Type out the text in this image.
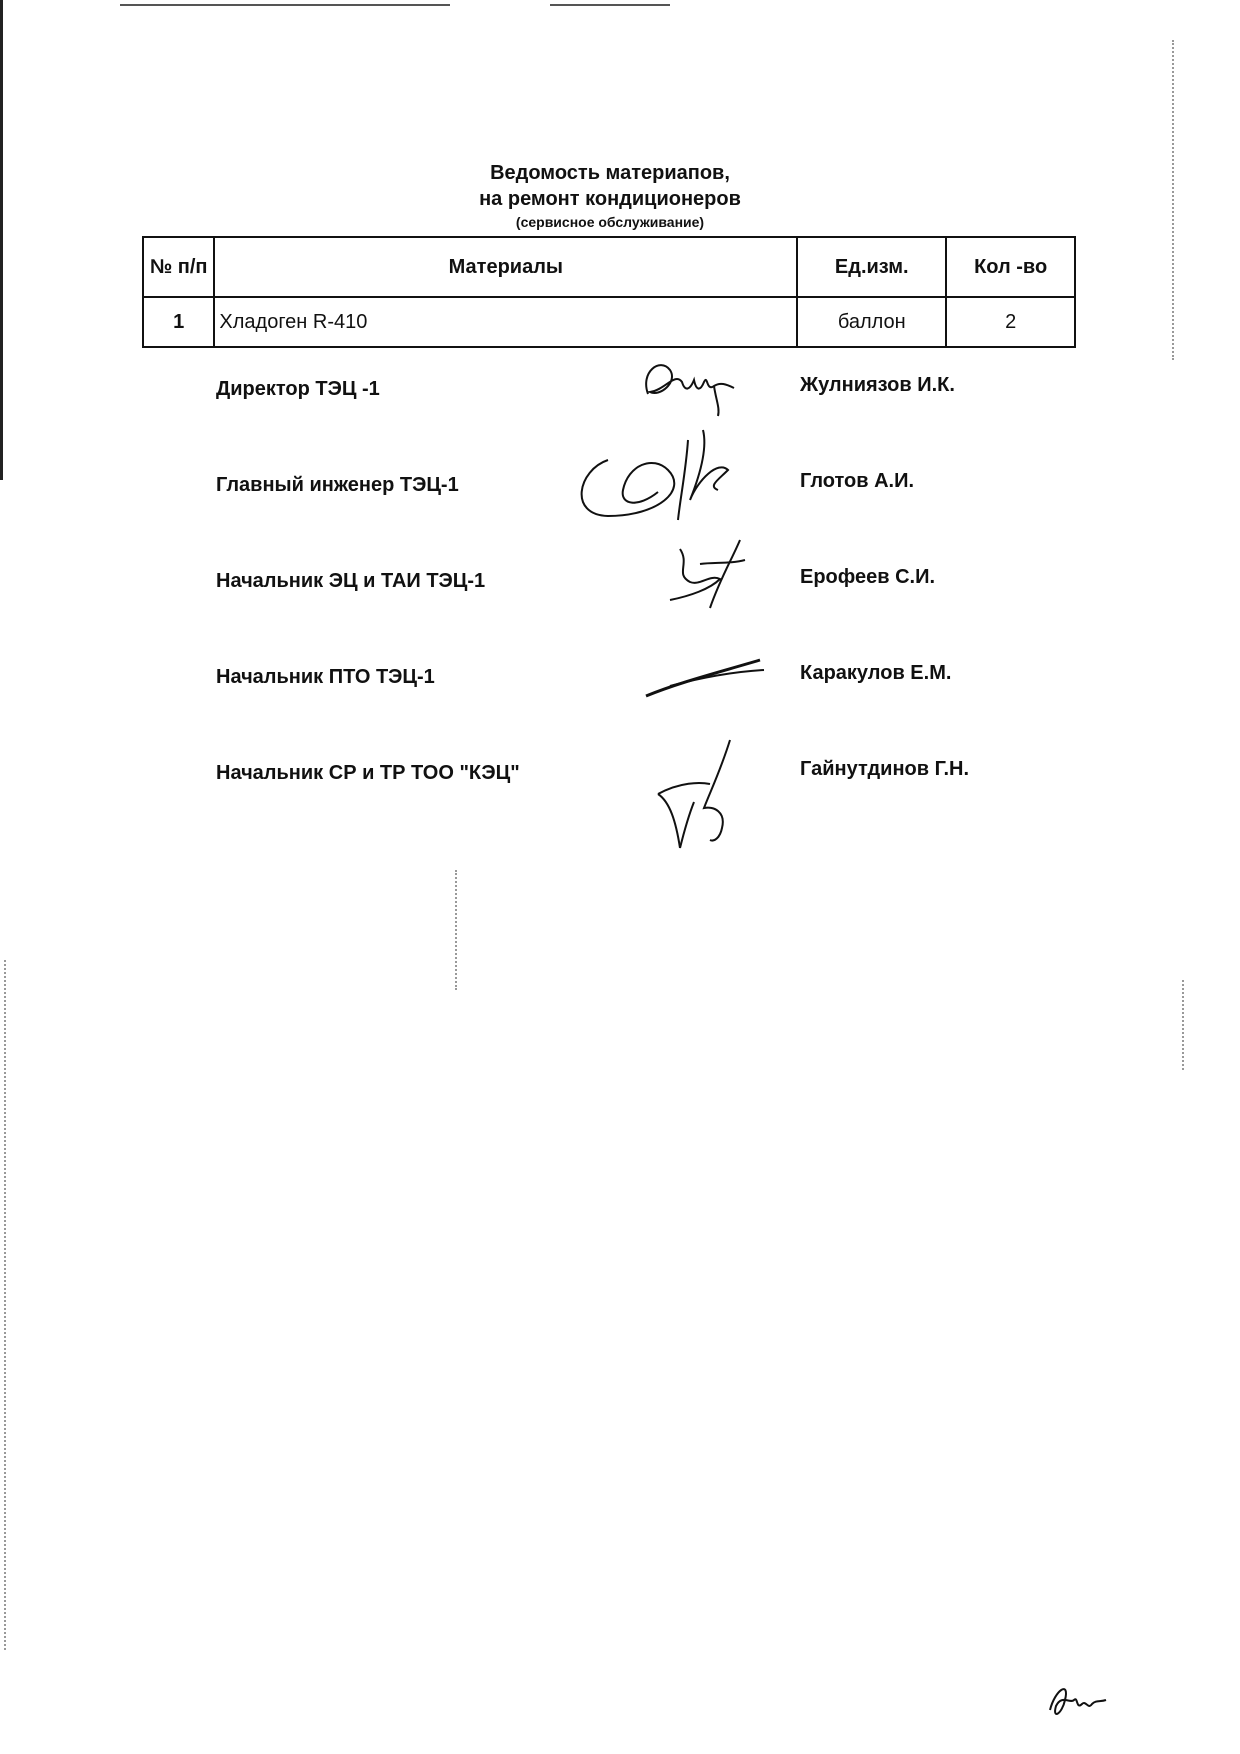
Ведомость материапов,
на ремонт кондиционеров
(сервисное обслуживание)
№ п/п	Материалы	Ед.изм.	Кол -во
1	Хладоген R-410	баллон	2
Директор ТЭЦ -1	Жулниязов И.К.
Главный инженер ТЭЦ-1	Глотов А.И.
Начальник ЭЦ и ТАИ ТЭЦ-1	Ерофеев С.И.
Начальник ПТО ТЭЦ-1	Каракулов Е.М.
Начальник СР и ТР ТОО "КЭЦ"	Гайнутдинов Г.Н.
